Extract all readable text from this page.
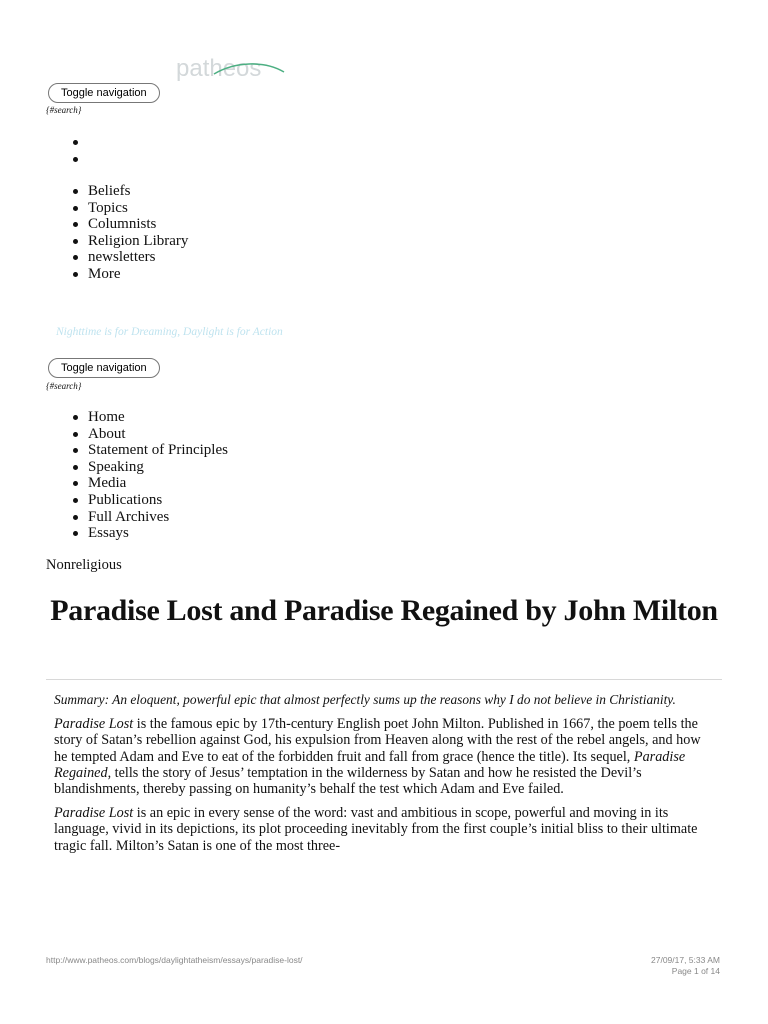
patheos
Toggle navigation
{#search}
Beliefs
Topics
Columnists
Religion Library
newsletters
More
Nighttime is for Dreaming, Daylight is for Action
Toggle navigation
{#search}
Home
About
Statement of Principles
Speaking
Media
Publications
Full Archives
Essays
Nonreligious
Paradise Lost and Paradise Regained by John Milton

Summary: An eloquent, powerful epic that almost perfectly sums up the reasons why I do not believe in Christianity.

Paradise Lost is the famous epic by 17th-century English poet John Milton. Published in 1667, the poem tells the story of Satan’s rebellion against God, his expulsion from Heaven along with the rest of the rebel angels, and how he tempted Adam and Eve to eat of the forbidden fruit and fall from grace (hence the title). Its sequel, Paradise Regained, tells the story of Jesus’ temptation in the wilderness by Satan and how he resisted the Devil’s blandishments, thereby passing on humanity’s behalf the test which Adam and Eve failed.

Paradise Lost is an epic in every sense of the word: vast and ambitious in scope, powerful and moving in its language, vivid in its depictions, its plot proceeding inevitably from the first couple’s initial bliss to their ultimate tragic fall. Milton’s Satan is one of the most three-

http://www.patheos.com/blogs/daylightatheism/essays/paradise-lost/	27/09/17, 5:33 AM
Page 1 of 14
